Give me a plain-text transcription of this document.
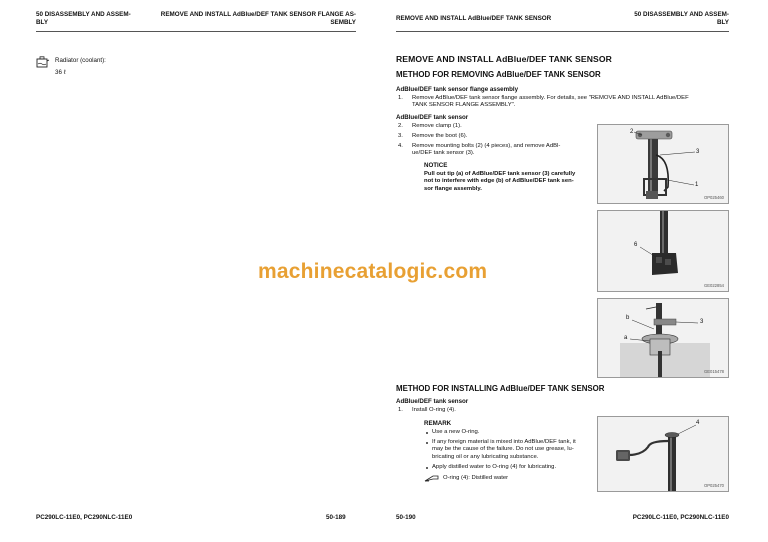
50 DISASSEMBLY AND ASSEM-
BLY
REMOVE AND INSTALL AdBlue/DEF TANK SENSOR FLANGE AS-
SEMBLY
Radiator (coolant):
36 ℓ
PC290LC-11E0, PC290NLC-11E0	50-189
REMOVE AND INSTALL AdBlue/DEF TANK SENSOR
50 DISASSEMBLY AND ASSEM-
BLY
REMOVE AND INSTALL AdBlue/DEF TANK SENSOR
METHOD FOR REMOVING AdBlue/DEF TANK SENSOR
AdBlue/DEF tank sensor flange assembly
1. Remove AdBlue/DEF tank sensor flange assembly. For details, see "REMOVE AND INSTALL AdBlue/DEF
TANK SENSOR FLANGE ASSEMBLY".
AdBlue/DEF tank sensor
2. Remove clamp (1).
3. Remove the boot (6).
4. Remove mounting bolts (2) (4 pieces), and remove AdBl-
ue/DEF tank sensor (3).
NOTICE
Pull out tip (a) of AdBlue/DEF tank sensor (3) carefully
not to interfere with edge (b) of AdBlue/DEF tank sen-
sor flange assembly.
2
3
1
OP025460
6
GE022854
b
a
3
GE015478
METHOD FOR INSTALLING AdBlue/DEF TANK SENSOR
AdBlue/DEF tank sensor
1. Install O-ring (4).
REMARK
Use a new O-ring.
If any foreign material is mixed into AdBlue/DEF tank, it
may be the cause of the failure. Do not use grease, lu-
bricating oil or any lubricating substance.
Apply distilled water to O-ring (4) for lubricating.
O-ring (4): Distilled water
4
OP025470
50-190	PC290LC-11E0, PC290NLC-11E0
machinecatalogic.com
